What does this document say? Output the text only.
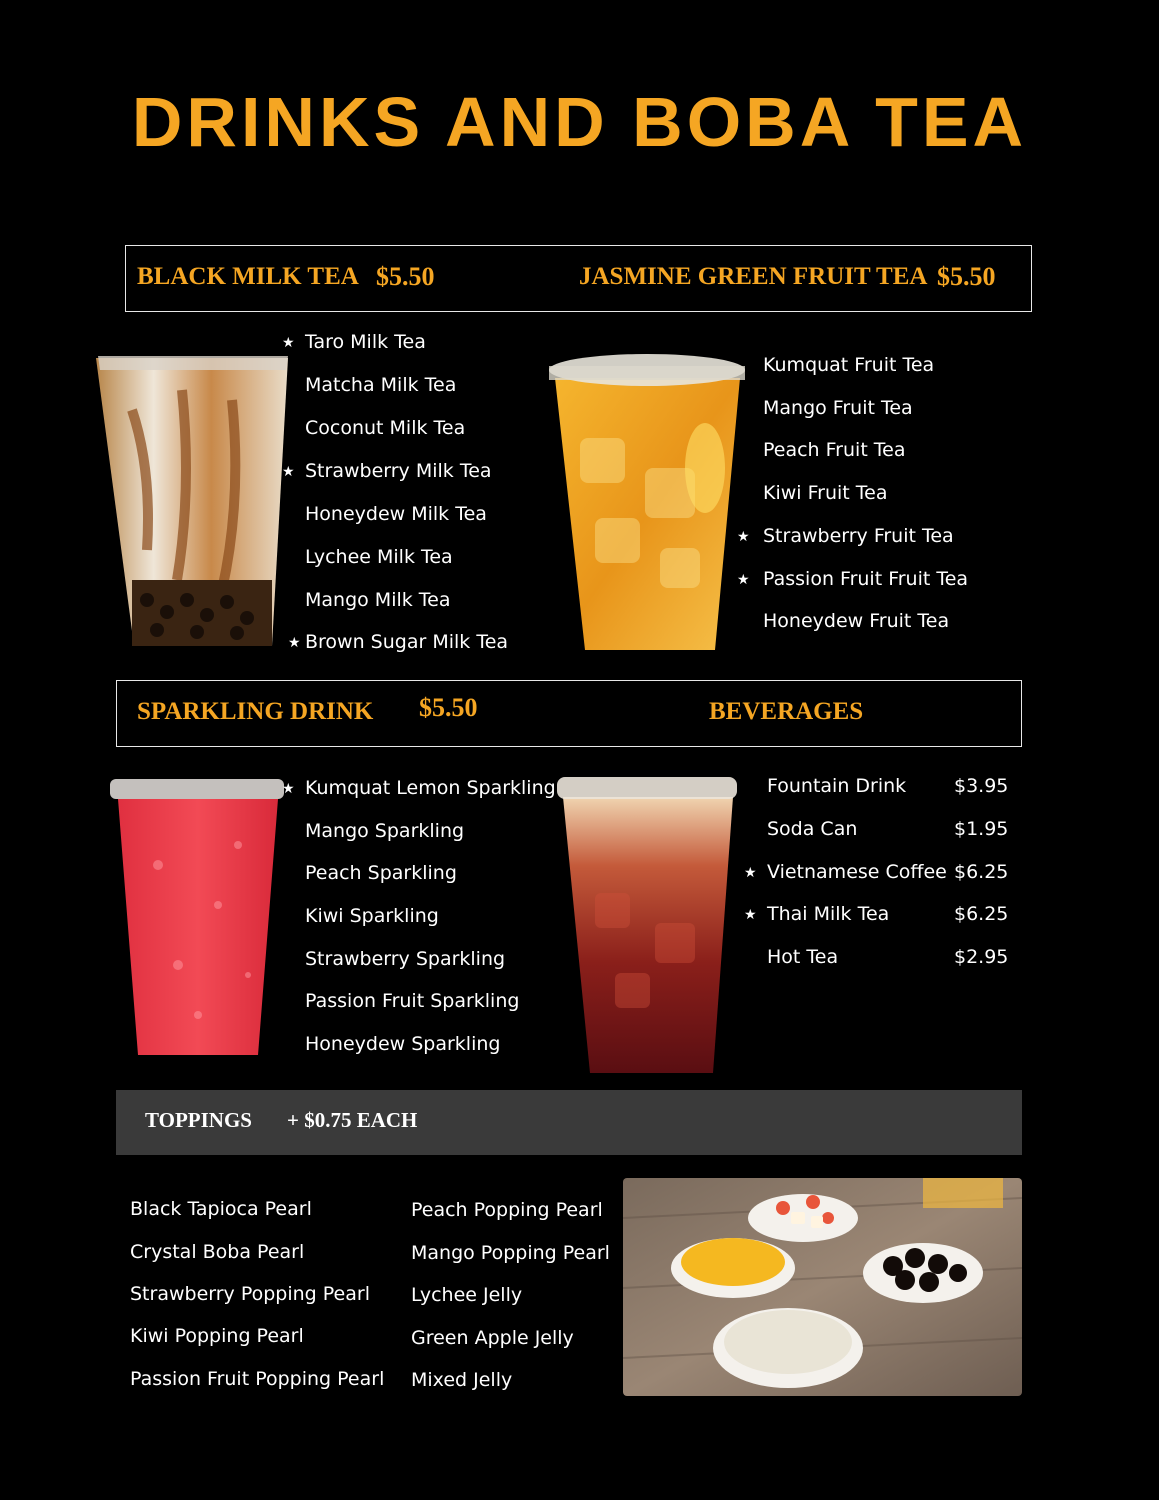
DRINKS AND BOBA TEA
BLACK MILK TEA $5.50	JASMINE GREEN FRUIT TEA $5.50
★ Taro Milk Tea
Matcha Milk Tea
Coconut Milk Tea
★ Strawberry Milk Tea
Honeydew Milk Tea
Lychee Milk Tea
Mango Milk Tea
★ Brown Sugar Milk Tea
Kumquat Fruit Tea
Mango Fruit Tea
Peach Fruit Tea
Kiwi Fruit Tea
★ Strawberry Fruit Tea
★ Passion Fruit Fruit Tea
Honeydew Fruit Tea
SPARKLING DRINK $5.50	BEVERAGES
★ Kumquat Lemon Sparkling
Mango Sparkling
Peach Sparkling
Kiwi Sparkling
Strawberry Sparkling
Passion Fruit Sparkling
Honeydew Sparkling
Fountain Drink	$3.95
Soda Can	$1.95
★ Vietnamese Coffee $6.25
★ Thai Milk Tea	$6.25
Hot Tea	$2.95
TOPPINGS + $0.75 EACH
Black Tapioca Pearl
Crystal Boba Pearl
Strawberry Popping Pearl
Kiwi Popping Pearl
Passion Fruit Popping Pearl
Peach Popping Pearl
Mango Popping Pearl
Lychee Jelly
Green Apple Jelly
Mixed Jelly
